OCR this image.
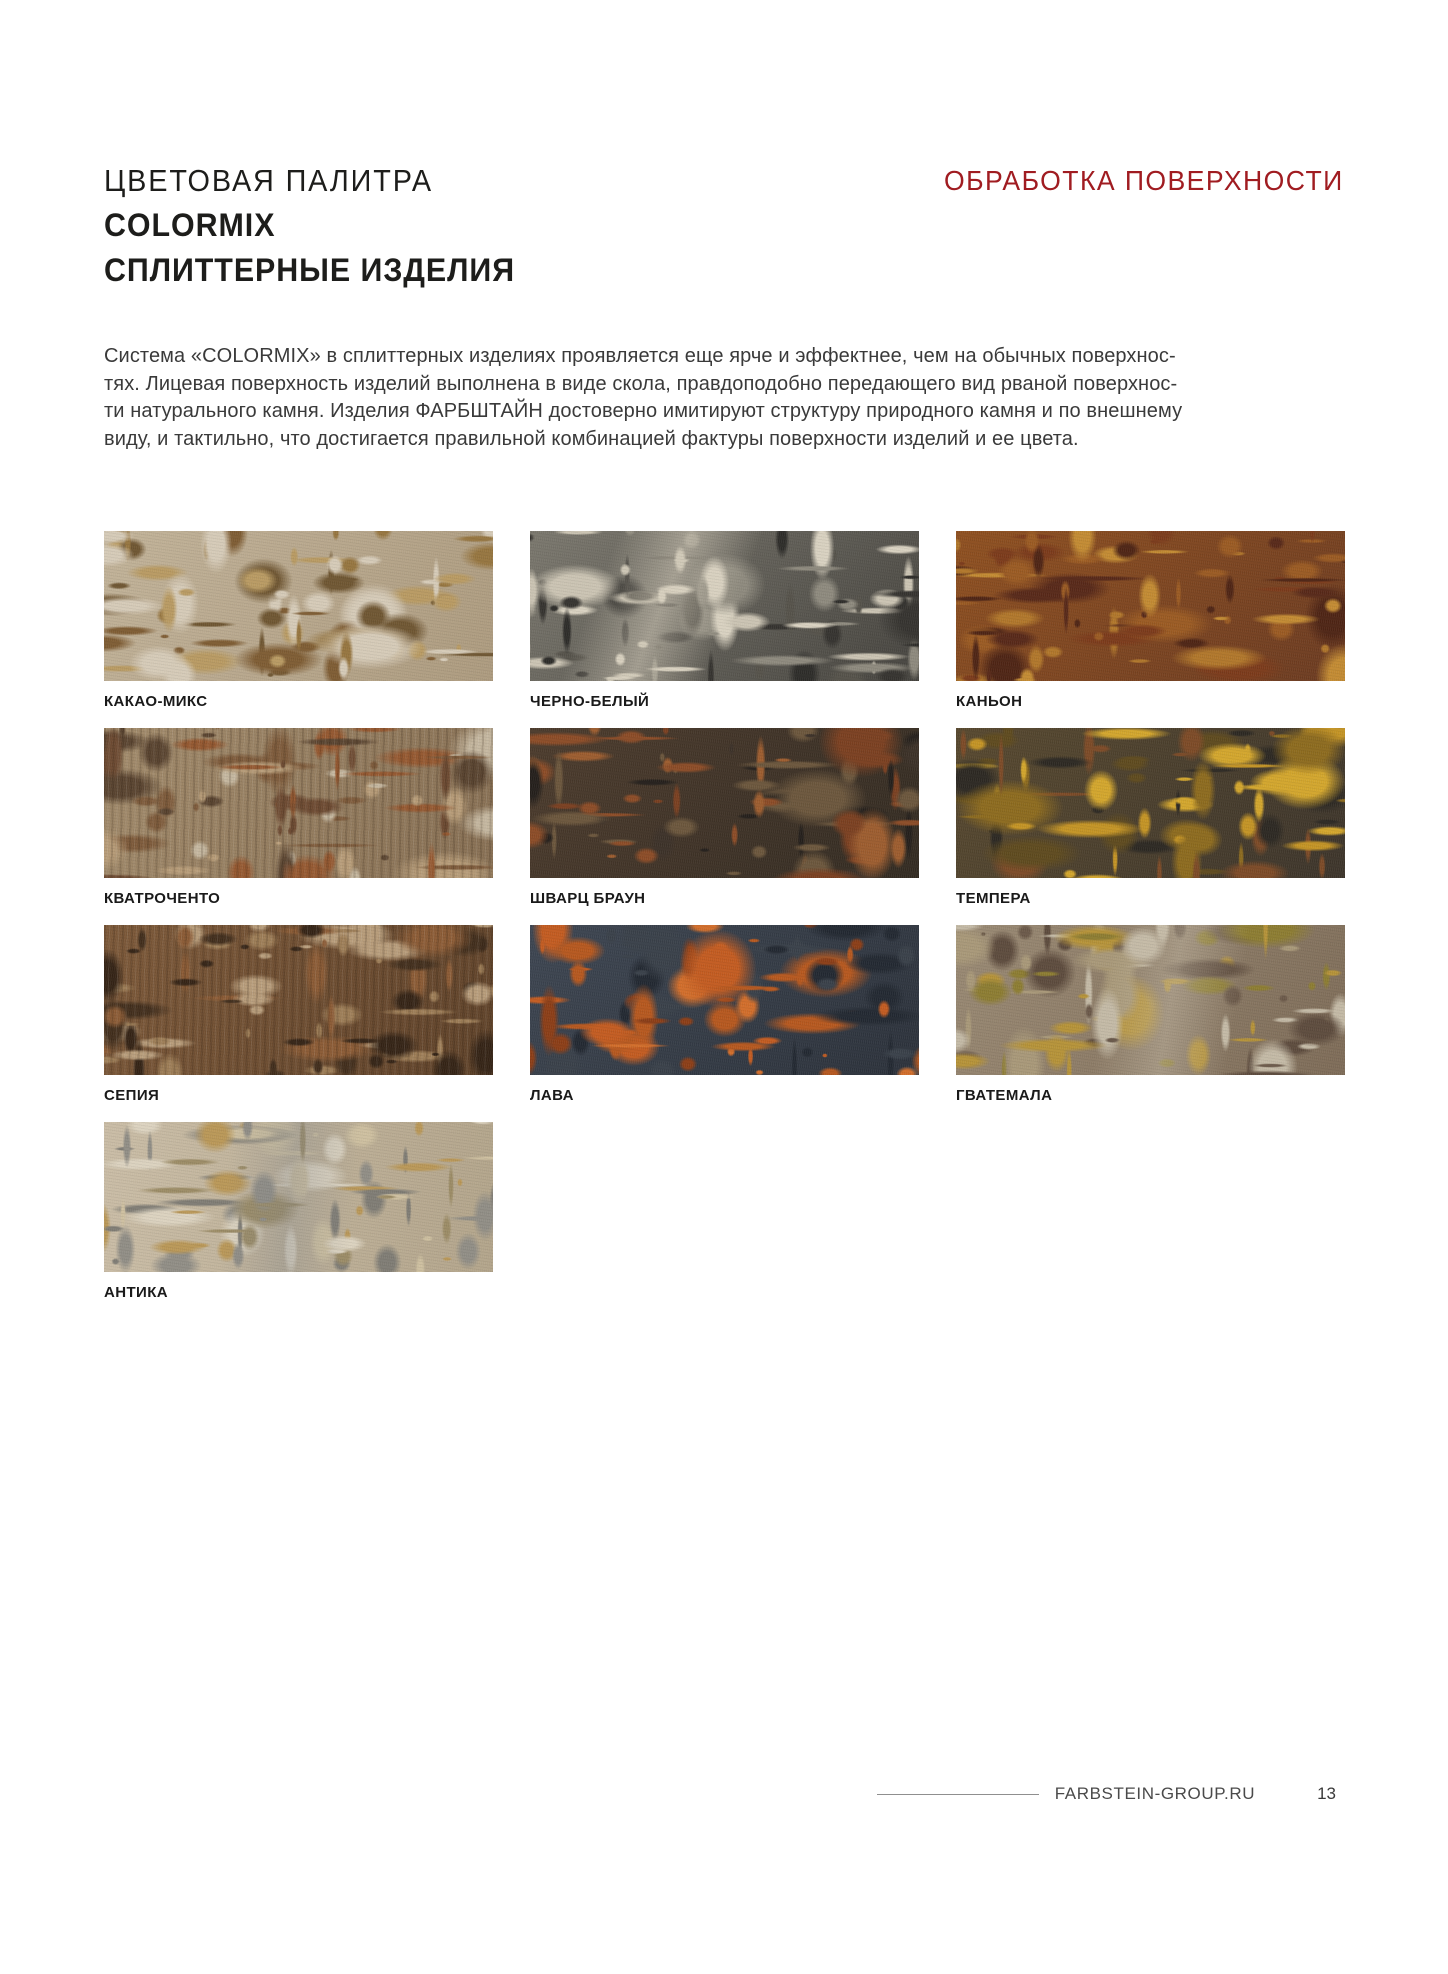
ЦВЕТОВАЯ ПАЛИТРА
COLORMIX
СПЛИТТЕРНЫЕ ИЗДЕЛИЯ
ОБРАБОТКА ПОВЕРХНОСТИ
Система «COLORMIX» в сплиттерных изделиях проявляется еще ярче и эффектнее, чем на обычных поверхнос-
тях. Лицевая поверхность изделий выполнена в виде скола, правдоподобно передающего вид рваной поверхнос-
ти натурального камня. Изделия ФАРБШТАЙН достоверно имитируют структуру природного камня и по внешнему
виду, и тактильно, что достигается правильной комбинацией фактуры поверхности изделий и ее цвета.
КАКАО-МИКС	ЧЕРНО-БЕЛЫЙ	КАНЬОН
КВАТРОЧЕНТО	ШВАРЦ БРАУН	ТЕМПЕРА
СЕПИЯ	ЛАВА	ГВАТЕМАЛА
АНТИКА
FARBSTEIN-GROUP.RU	13
